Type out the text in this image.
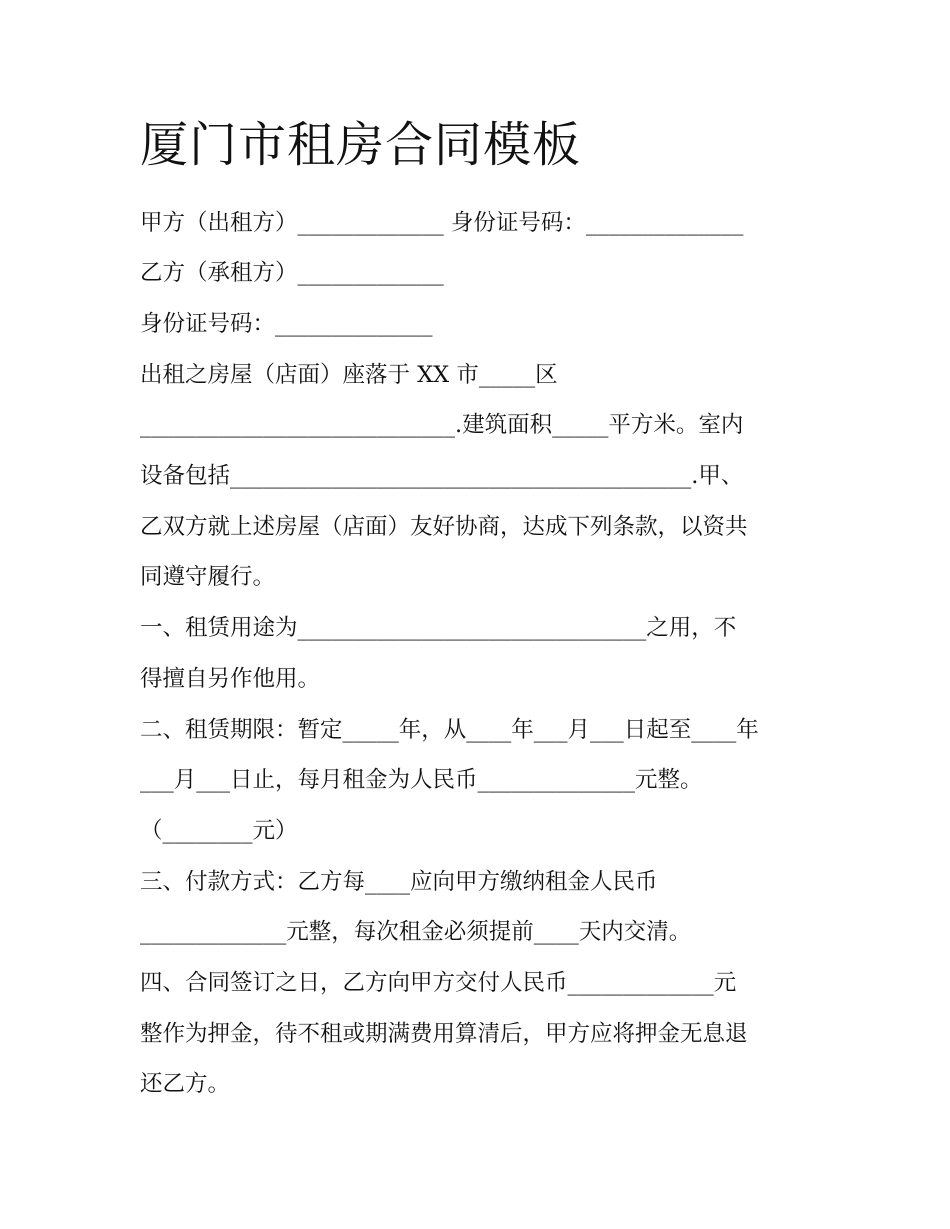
厦门市租房合同模板

甲方（出租方）_____________ 身份证号码：______________

乙方（承租方）_____________

身份证号码：______________

出租之房屋（店面）座落于 XX 市_____区

____________________________.建筑面积_____平方米。室内

设备包括_________________________________________.甲、

乙双方就上述房屋（店面）友好协商，达成下列条款，以资共

同遵守履行。

一、租赁用途为_______________________________之用，不

得擅自另作他用。

二、租赁期限：暂定_____年，从____年___月___日起至____年

___月___日止，每月租金为人民币______________元整。

（________元）

三、付款方式：乙方每____应向甲方缴纳租金人民币

_____________元整，每次租金必须提前____天内交清。

四、合同签订之日，乙方向甲方交付人民币_____________元

整作为押金，待不租或期满费用算清后，甲方应将押金无息退

还乙方。
